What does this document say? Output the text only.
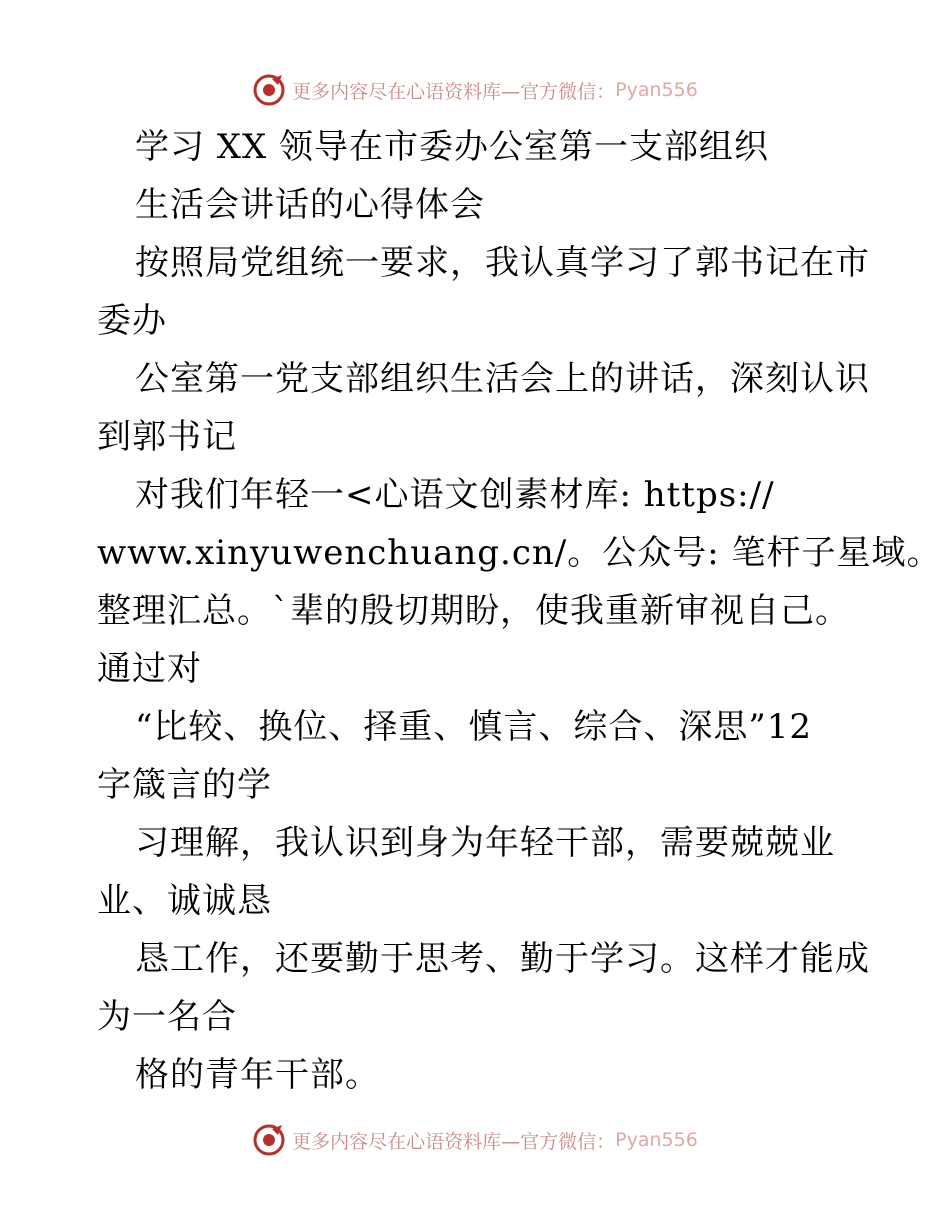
更多内容尽在心语资料库—官方微信： Pyan556
学习 XX 领导在市委办公室第一支部组织
生活会讲话的心得体会
按照局党组统一要求，我认真学习了郭书记在市
委办
公室第一党支部组织生活会上的讲话，深刻认识
到郭书记
对我们年轻一<心语文创素材库: https://
www.xinyuwenchuang.cn/。公众号: 笔杆子星域。
整理汇总。`辈的殷切期盼，使我重新审视自己。
通过对
“比较、换位、择重、慎言、综合、深思”12
字箴言的学
习理解，我认识到身为年轻干部，需要兢兢业
业、诚诚恳
恳工作，还要勤于思考、勤于学习。这样才能成
为一名合
格的青年干部。
更多内容尽在心语资料库—官方微信： Pyan556
